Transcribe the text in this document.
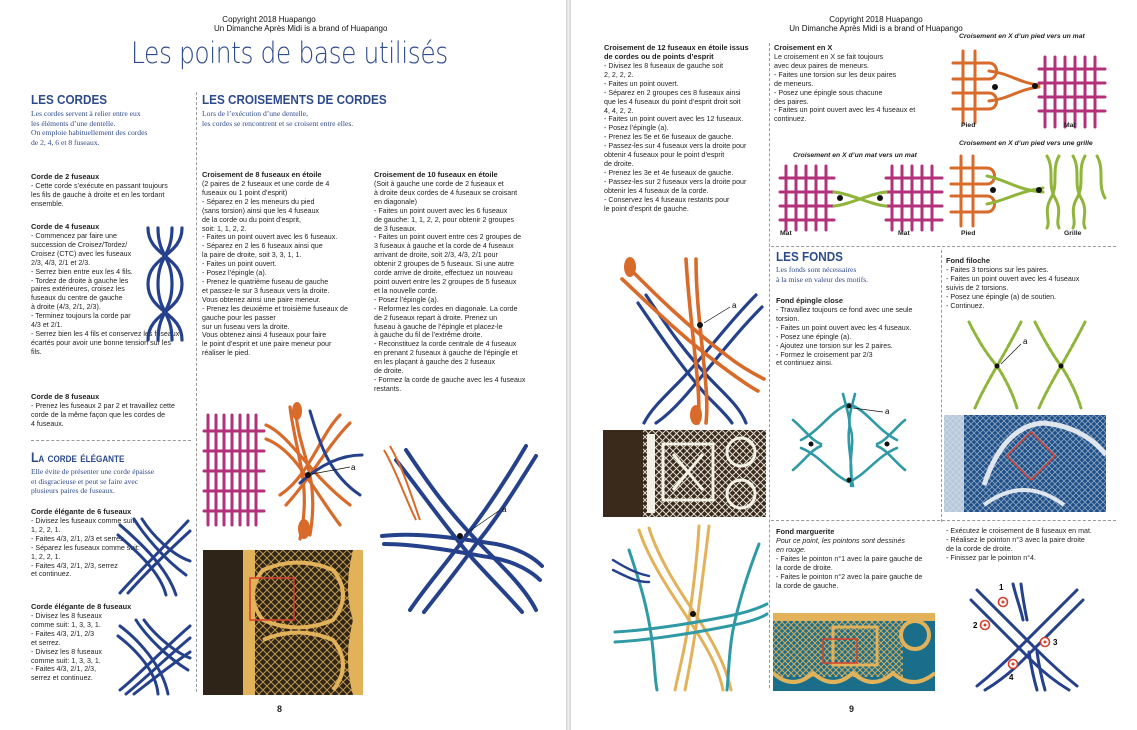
Copyright 2018 Huapango
Un Dimanche Après Midi is a brand of Huapango
Les points de base utilisés
LES CORDES
Les cordes servent à relier entre eux
les éléments d’une dentelle.
On emploie habituellement des cordes
de 2, 4, 6 et 8 fuseaux.
Corde de 2 fuseaux

- Cette corde s’exécute en passant toujours

les fils de gauche à droite et en les tordant

ensemble.

Corde de 4 fuseaux

- Commencez par faire une

succession de Croisez/Tordez/

Croisez (CTC) avec les fuseaux

2/3, 4/3, 2/1 et 2/3.

- Serrez bien entre eux les 4 fils.

- Tordez de droite à gauche les

paires extérieures, croisez les

fuseaux du centre de gauche

à droite (4/3, 2/1, 2/3).

- Terminez toujours la corde par

4/3 et 2/1.

- Serrez bien les 4 fils et conservez les fuseaux

écartés pour avoir une bonne tension sur les

fils.

Corde de 8 fuseaux

- Prenez les fuseaux 2 par 2 et travaillez cette

corde de la même façon que les cordes de

4 fuseaux.

La corde élégante
Elle évite de présenter une corde épaisse
et disgracieuse et peut se faire avec
plusieurs paires de fuseaux.
Corde élégante de 6 fuseaux

- Divisez les fuseaux comme suit:

1, 2, 2, 1.

- Faites 4/3, 2/1, 2/3 et serrez.

- Séparez les fuseaux comme suit:

1, 2, 2, 1.

- Faites 4/3, 2/1, 2/3, serrez

et continuez.

Corde élégante de 8 fuseaux

- Divisez les 8 fuseaux

comme suit: 1, 3, 3, 1.

- Faites 4/3, 2/1, 2/3

et serrez.

- Divisez les 8 fuseaux

comme suit: 1, 3, 3, 1.

- Faites 4/3, 2/1, 2/3,

serrez et continuez.

LES CROISEMENTS DE CORDES
Lors de l’exécution d’une dentelle,
les cordes se rencontrent et se croisent entre elles.
Croisement de 8 fuseaux en étoile

(2 paires de 2 fuseaux et une corde de 4

fuseaux ou 1 point d’esprit)

- Séparez en 2 les meneurs du pied

(sans torsion) ainsi que les 4 fuseaux

de la corde ou du point d’esprit,

soit: 1, 1, 2, 2.

- Faites un point ouvert avec les 6 fuseaux.

- Séparez en 2 les 6 fuseaux ainsi que

la paire de droite, soit 3, 3, 1, 1.

- Faites un point ouvert.

- Posez l’épingle (a).

- Prenez le quatrième fuseau de gauche

et passez-le sur 3 fuseaux vers la droite.

Vous obtenez ainsi une paire meneur.

- Prenez les deuxième et troisième fuseaux de

gauche pour les passer

sur un fuseau vers la droite.

Vous obtenez ainsi 4 fuseaux pour faire

le point d’esprit et une paire meneur pour

réaliser le pied.

Croisement de 10 fuseaux en étoile

(Soit à gauche une corde de 2 fuseaux et

à droite deux cordes de 4 fuseaux se croisant

en diagonale)

- Faites un point ouvert avec les 6 fuseaux

de gauche: 1, 1, 2, 2, pour obtenir 2 groupes

de 3 fuseaux.

- Faites un point ouvert entre ces 2 groupes de

3 fuseaux à gauche et la corde de 4 fuseaux

arrivant de droite, soit 2/3, 4/3, 2/1 pour

obtenir 2 groupes de 5 fuseaux. Si une autre

corde arrive de droite, effectuez un nouveau

point ouvert entre les 2 groupes de 5 fuseaux

et la nouvelle corde.

- Posez l’épingle (a).

- Reformez les cordes en diagonale. La corde

de 2 fuseaux repart à droite. Prenez un

fuseau à gauche de l’épingle et placez-le

à gauche du fil de l’extrême droite.

- Reconstituez la corde centrale de 4 fuseaux

en prenant 2 fuseaux à gauche de l’épingle et

en les plaçant à gauche des 2 fuseaux

de droite.

- Formez la corde de gauche avec les 4 fuseaux

restants.

a
a
8
Copyright 2018 Huapango
Un Dimanche Après Midi is a brand of Huapango
Croisement de 12 fuseaux en étoile issus
de cordes ou de points d’esprit

- Divisez les 8 fuseaux de gauche soit

2, 2, 2, 2.

- Faites un point ouvert.

- Séparez en 2 groupes ces 8 fuseaux ainsi

que les 4 fuseaux du point d’esprit droit soit

4, 4, 2, 2.

- Faites un point ouvert avec les 12 fuseaux.

- Posez l’épingle (a).

- Prenez les 5e et 6e fuseaux de gauche.

- Passez-les sur 4 fuseaux vers la droite pour

obtenir 4 fuseaux pour le point d’esprit

de droite.

- Prenez les 3e et 4e fuseaux de gauche.

- Passez-les sur 2 fuseaux vers la droite pour

obtenir les 4 fuseaux de la corde.

- Conservez les 4 fuseaux restants pour

le point d’esprit de gauche.

a
Croisement en X

Le croisement en X se fait toujours

avec deux paires de meneurs.

- Faites une torsion sur les deux paires

de meneurs.

- Posez une épingle sous chacune

des paires.

- Faites un point ouvert avec les 4 fuseaux et

continuez.

Croisement en X d’un pied vers un mat
Pied	Mat
Croisement en X d’un mat vers un mat
Mat	Mat
Croisement en X d’un pied vers une grille
Pied	Grille
LES FONDS
Les fonds sont nécessaires
à la mise en valeur des motifs.
Fond épingle close

- Travaillez toujours ce fond avec une seule

torsion.

- Faites un point ouvert avec les 4 fuseaux.

- Posez une épingle (a).

- Ajoutez une torsion sur les 2 paires.

- Formez le croisement par 2/3

et continuez ainsi.

a
Fond filoche

- Faites 3 torsions sur les paires.

- Faites un point ouvert avec les 4 fuseaux

suivis de 2 torsions.

- Posez une épingle (a) de soutien.

- Continuez.

a
Fond marguerite

Pour ce point, les pointons sont dessinés

en rouge.

- Faites le pointon n°1 avec la paire gauche de

la corde de droite.

- Faites le pointon n°2 avec la paire gauche de

la corde de gauche.

- Exécutez le croisement de 8 fuseaux en mat.

- Réalisez le pointon n°3 avec la paire droite

de la corde de droite.

- Finissez par le pointon n°4.

1
2
3
4
9
